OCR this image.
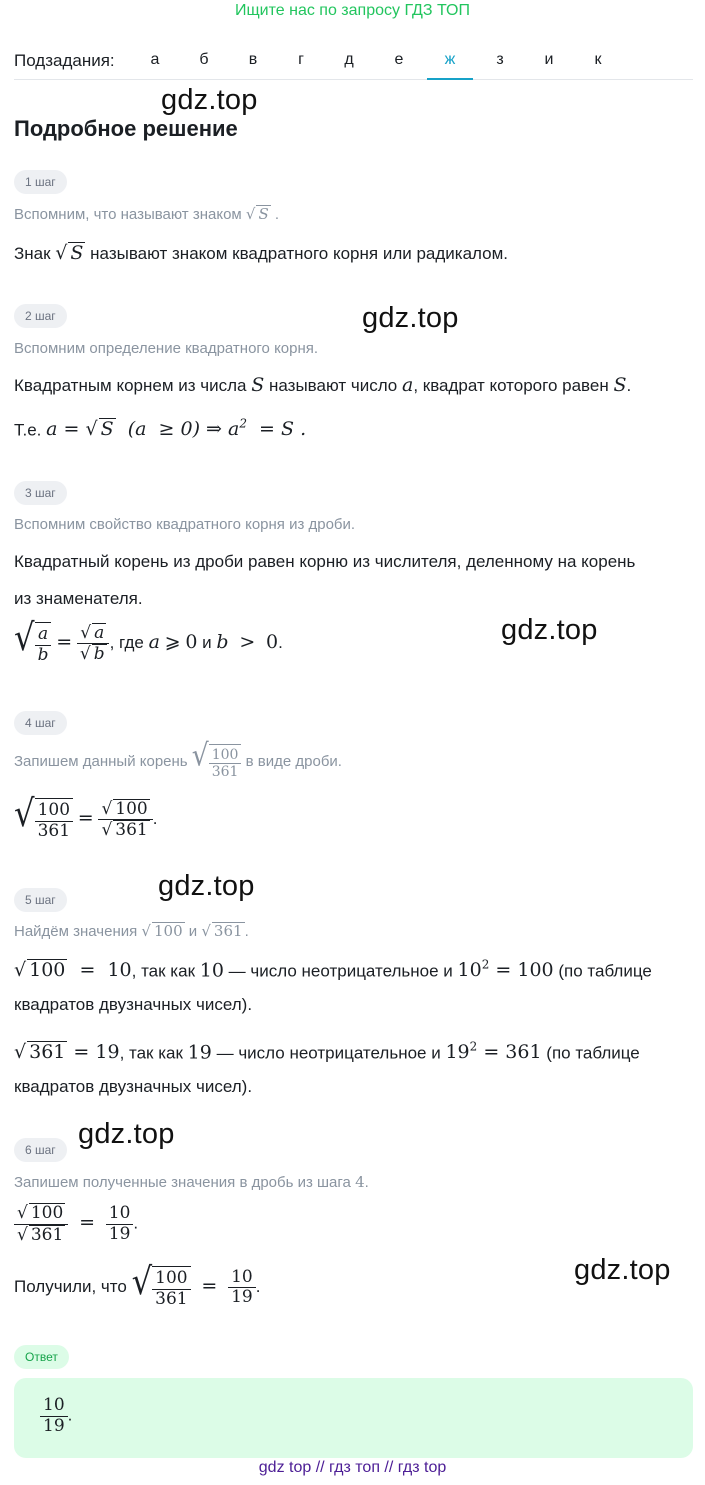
Ищите нас по запросу ГДЗ ТОП
Подзадания:	а	б	в	г	д	е	ж	з	и	к
gdz.top
gdz.top
gdz.top
gdz.top
gdz.top
gdz.top
Подробное решение
1 шаг
Вспомним, что называют знаком √ S .
Знак √ S называют знаком квадратного корня или радикалом.
2 шаг
Вспомним определение квадратного корня.
Квадратным корнем из числа S называют число a, квадрат которого равен S.
Т.е. a = √ S  (a  ≥ 0) ⇒ $a^2 = S$ .
3 шаг
Вспомним свойство квадратного корня из дроби.
Квадратный корень из дроби равен корню из числителя, деленному на корень
из знаменателя.
√ $\frac{a}{b} = \frac{√ a}{√ b}$ , где a ⩾ 0 и b  >  0.
4 шаг
Запишем данный корень √ $\frac{100}{361}$ в виде дроби.
√ $\frac{100}{361} = \frac{√ 100}{√ 361}$ .
5 шаг
Найдём значения √ 100 и √ 361 .
√ 100  =  10, так как 10 — число неотрицательное и $10^2 = 100$ (по таблице
квадратов двузначных чисел).
√ 361 = 19, так как 19 — число неотрицательное и $19^2 = 361$ (по таблице
квадратов двузначных чисел).
6 шаг
Запишем полученные значения в дробь из шага 4.
$\frac{√ 100}{√ 361} = \frac{10}{19}$ .
Получили, что √ $\frac{100}{361} = \frac{10}{19}$ .
Ответ
$\frac{10}{19}$ .
gdz top // гдз топ // гдз top
